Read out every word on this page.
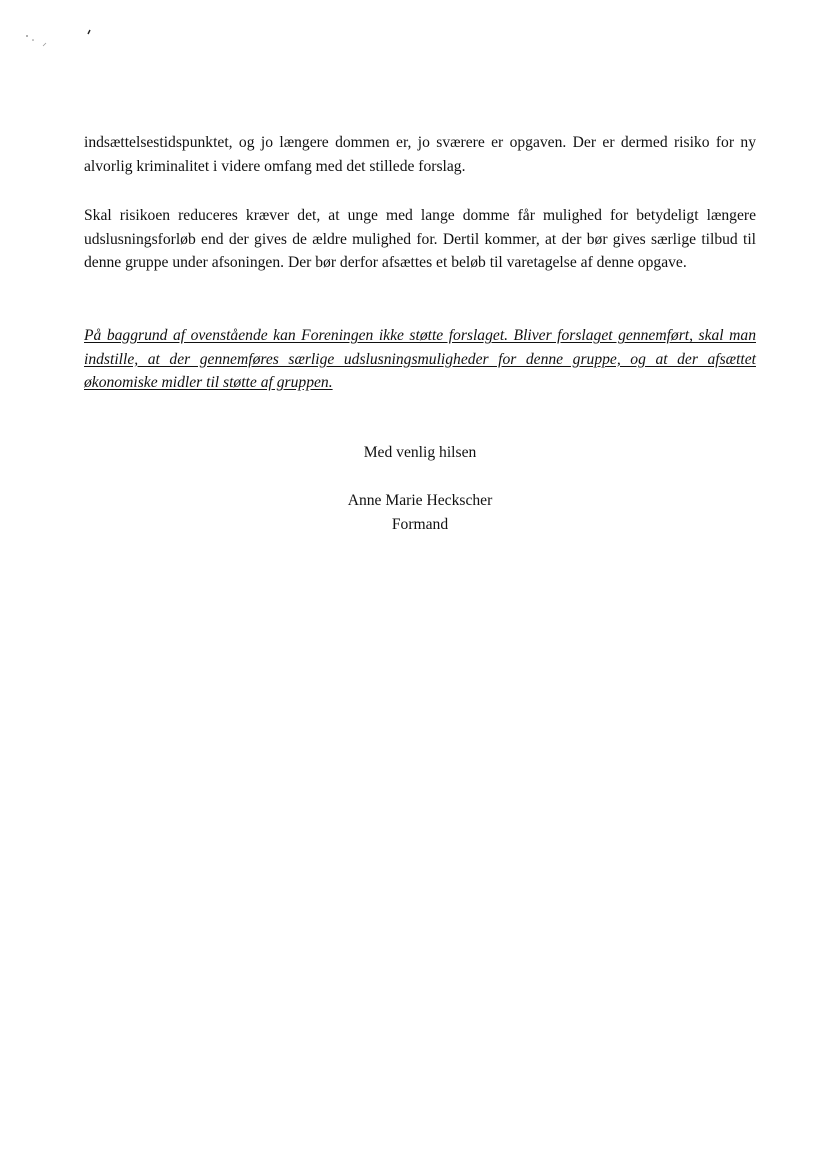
indsættelsestidspunktet, og jo længere dommen er, jo sværere er opgaven. Der er dermed risiko for ny alvorlig kriminalitet i videre omfang med det stillede forslag.

Skal risikoen reduceres kræver det, at unge med lange domme får mulighed for betydeligt længere udslusningsforløb end der gives de ældre mulighed for. Dertil kommer, at der bør gives særlige tilbud til denne gruppe under afsoningen. Der bør derfor afsættes et beløb til varetagelse af denne opgave.

På baggrund af ovenstående kan Foreningen ikke støtte forslaget. Bliver forslaget gennemført, skal man indstille, at der gennemføres særlige udslusningsmuligheder for denne gruppe, og at der afsættet økonomiske midler til støtte af gruppen.

Med venlig hilsen

Anne Marie Heckscher

Formand
